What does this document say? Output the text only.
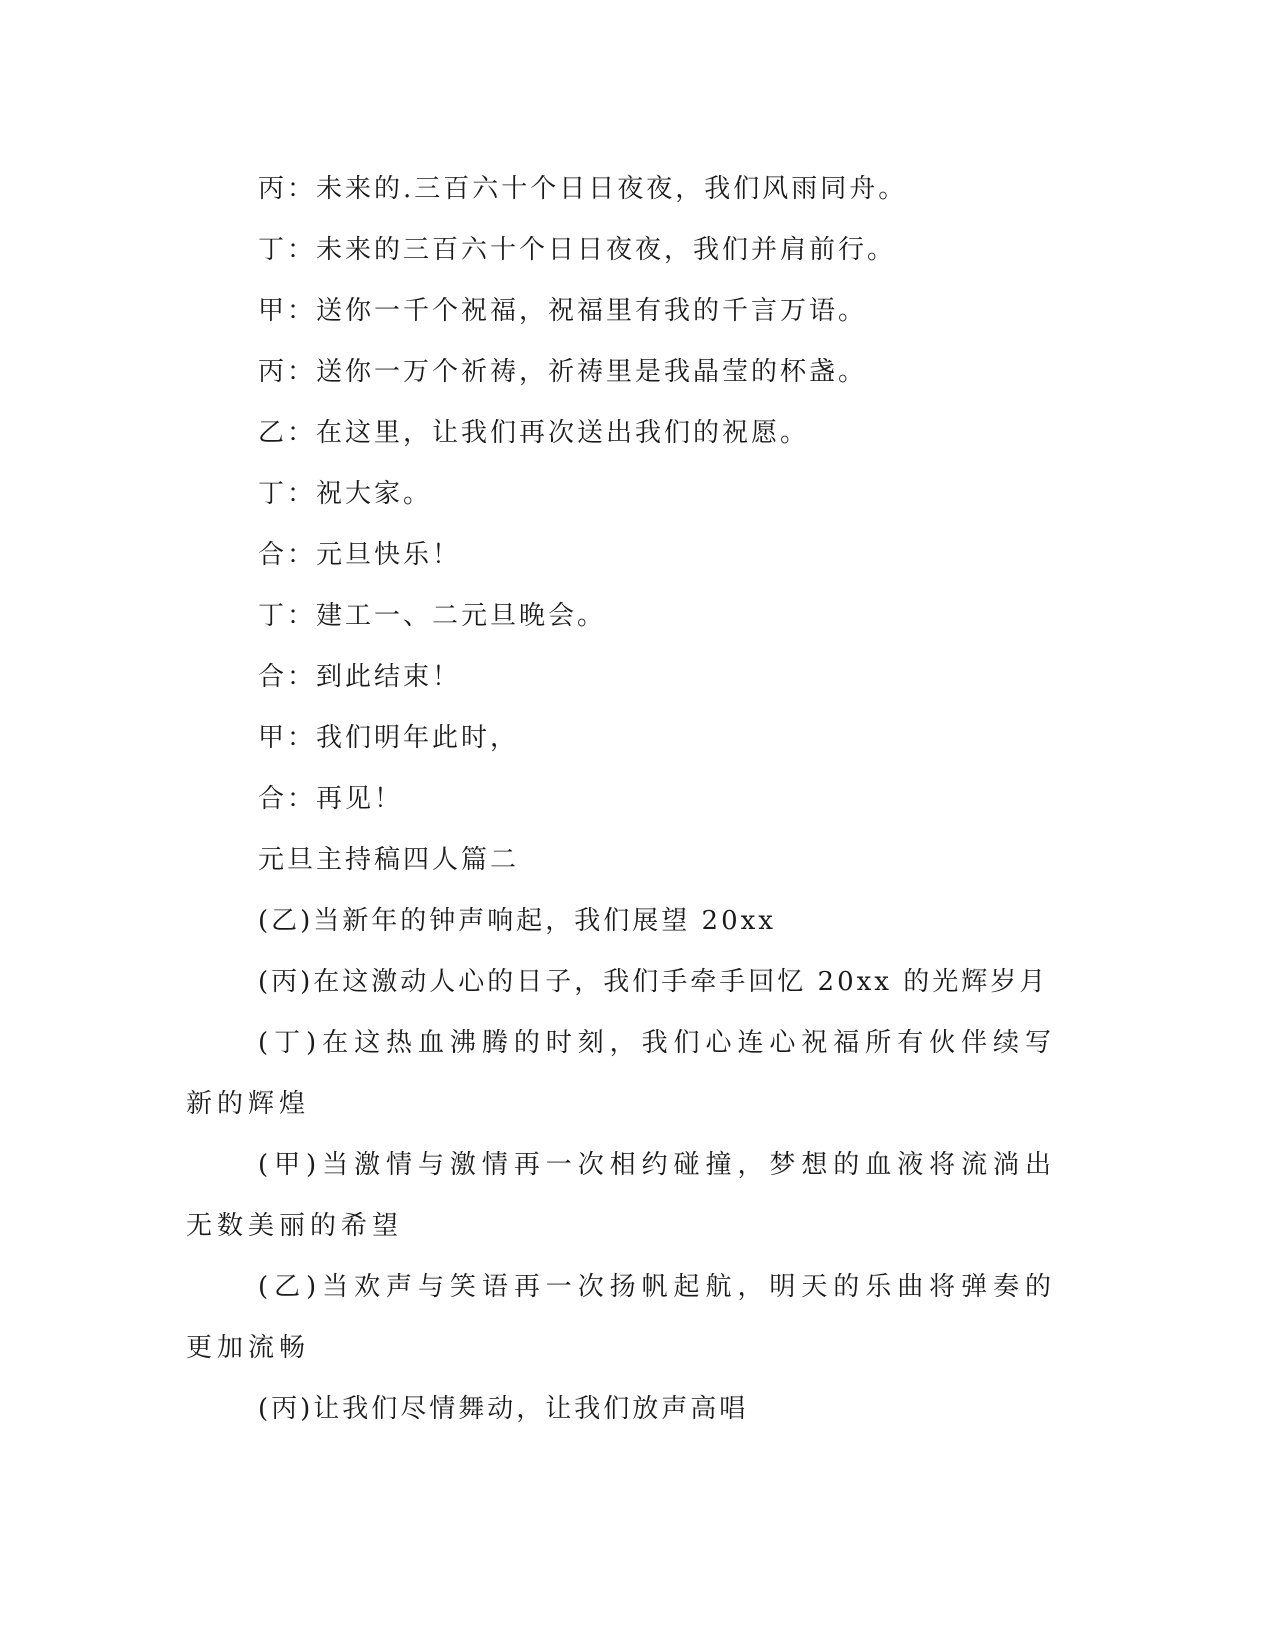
丙：未来的.三百六十个日日夜夜，我们风雨同舟。

丁：未来的三百六十个日日夜夜，我们并肩前行。

甲：送你一千个祝福，祝福里有我的千言万语。

丙：送你一万个祈祷，祈祷里是我晶莹的杯盏。

乙：在这里，让我们再次送出我们的祝愿。

丁：祝大家。

合：元旦快乐！

丁：建工一、二元旦晚会。

合：到此结束！

甲：我们明年此时，

合：再见！

元旦主持稿四人篇二

(乙)当新年的钟声响起，我们展望 20xx

(丙)在这激动人心的日子，我们手牵手回忆 20xx 的光辉岁月

(丁)在这热血沸腾的时刻，我们心连心祝福所有伙伴续写新的辉煌

(甲)当激情与激情再一次相约碰撞，梦想的血液将流淌出无数美丽的希望

(乙)当欢声与笑语再一次扬帆起航，明天的乐曲将弹奏的更加流畅

(丙)让我们尽情舞动，让我们放声高唱
